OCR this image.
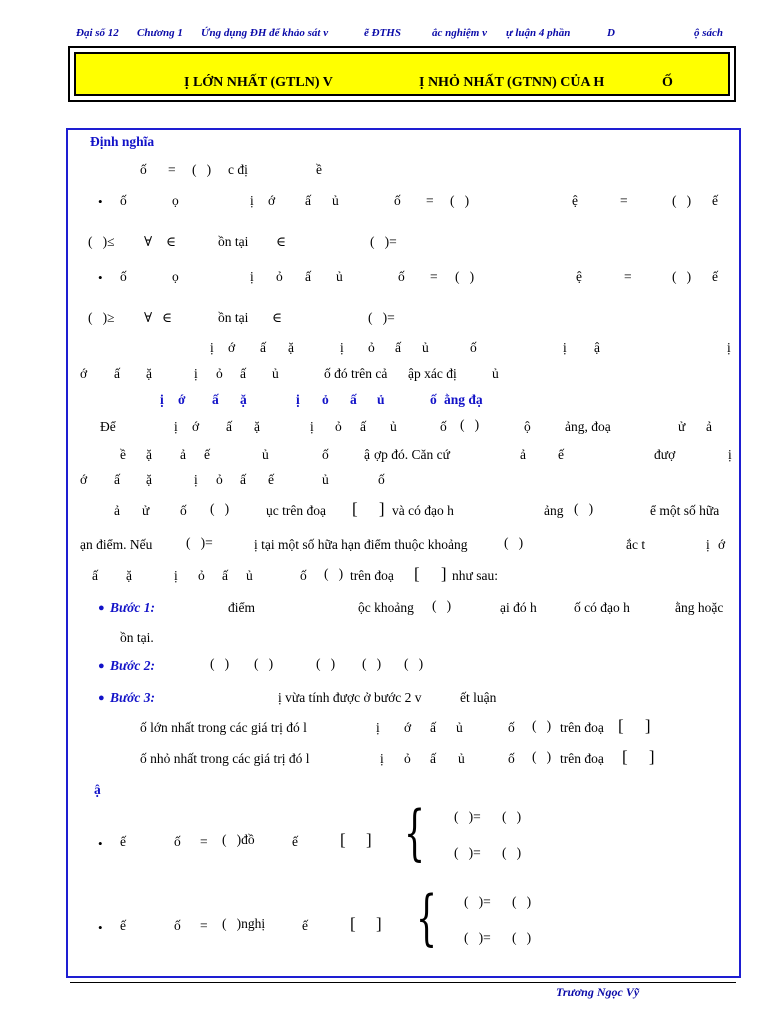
Đại số 12 Chương 1 Ứng dụng ĐH để khảo sát v	ẽ ĐTHS	ắc nghiệm v ự luận 4 phần	D	ộ sách
Ị LỚN NHẤT (GTLN) V	Ị NHỎ NHẤT (GTNN) CỦA H	Ố
Định nghĩa
ố = (   ) c đị	ề
• ố	ọ	ị ớ ấ ủ	ố = (   )	ệ	=	(   ) ế
(   )≤ ∀ ∈	ồn tại ∈	(   )=
• ố	ọ	ị ỏ ấ ủ	ố = (   )	ệ	=	(   ) ế
(   )≥ ∀ ∈	ồn tại ∈	(   )=
ị ớ ấ ặ	ị ỏ ấ ủ	ố	ị ậ	ị
ớ ấ ặ	ị ỏ ấ ủ	ố đó trên cả ập xác đị	ủ
ị ớ ấ ặ	ị ỏ ấ ủ	ố ằng đạ
Để	ị ớ ấ ặ	ị ỏ ấ ủ	ố (   )	ộ	ảng, đoạ	ử ả
ề ặ ả ế	ủ	ố	ậ ợp đó. Căn cứ	ả ế	đượ	ị
ớ ấ ặ	ị ỏ ấ ế	ủ	ố
ả ử ố (   )	ục trên đoạ [     ] và có đạo h	ảng (   )	ể một số hữa
ạn điểm. Nếu (   )=	ị tại một số hữa hạn điểm thuộc khoảng	(   )	ắc t	ị ớ
ấ ặ	ị ỏ ấ ủ	ố (   ) trên đoạ [     ] như sau:
● Bước 1:	điểm	ộc khoảng (   )	ại đó h	ố có đạo h	ằng hoặc
ồn tại.
● Bước 2:	(   ) (   )	(   ) (   ) (   )
● Bước 3:	ị vừa tính được ở bước 2 v	ết luận
ố lớn nhất trong các giá trị đó l	ị ớ ấ ủ	ố (   ) trên đoạ [     ]
ố nhỏ nhất trong các giá trị đó l	ị ỏ ấ ủ	ố (   ) trên đoạ [     ]
ậ
• ế	ố = (   )đồ	ế [ ] { (   )= (   )
(   )= (   )
• ế	ố = (   )nghị	ế [ ] { (   )= (   )
(   )= (   )
Trương Ngọc Vỹ
